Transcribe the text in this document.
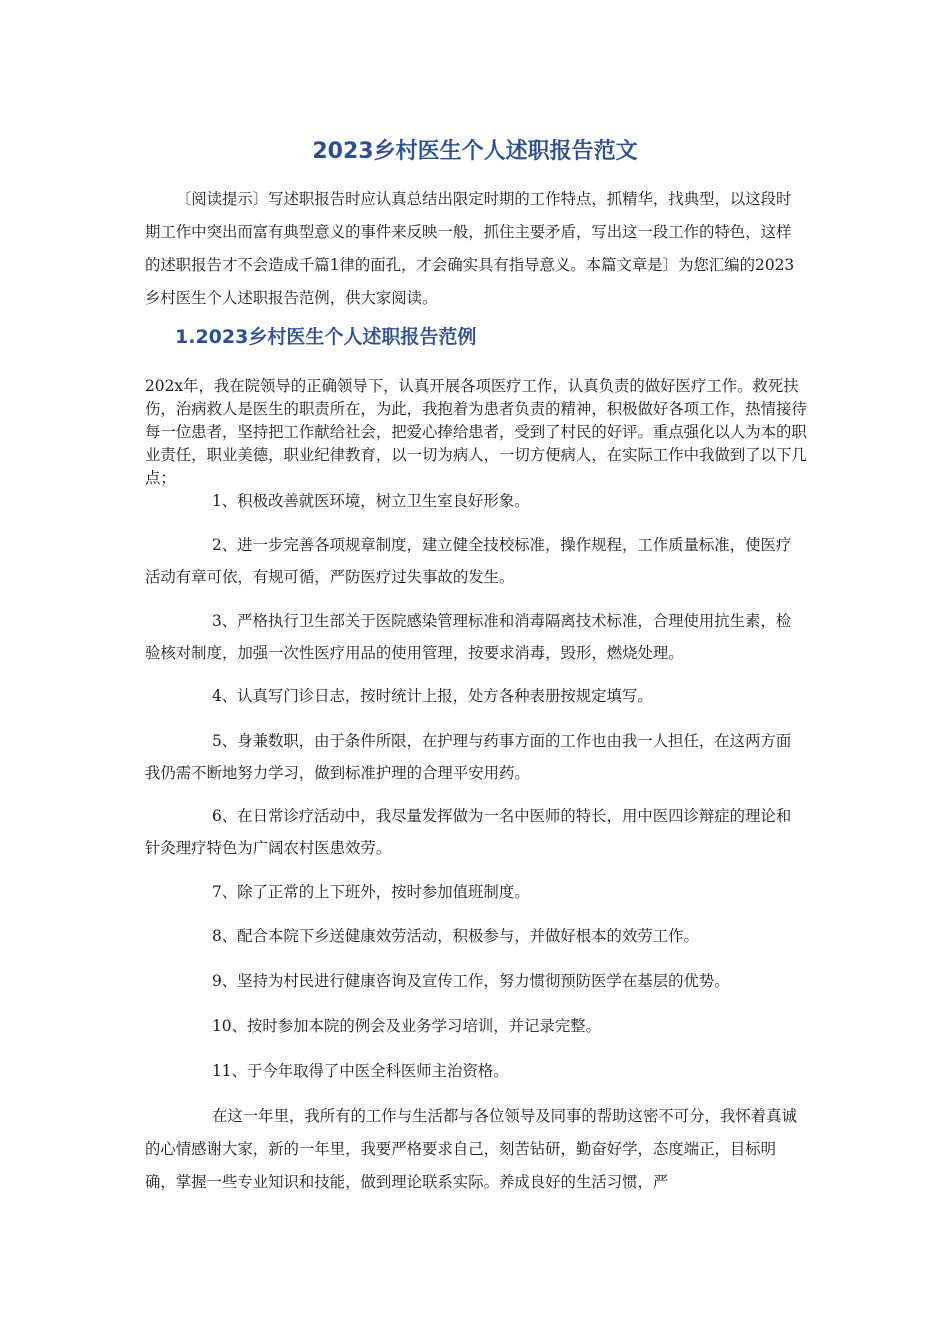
2023乡村医生个人述职报告范文

〔阅读提示〕写述职报告时应认真总结出限定时期的工作特点，抓精华，找典型，以这段时期工作中突出而富有典型意义的事件来反映一般，抓住主要矛盾，写出这一段工作的特色，这样的述职报告才不会造成千篇1律的面孔，才会确实具有指导意义。本篇文章是〕为您汇编的2023乡村医生个人述职报告范例，供大家阅读。

1.2023乡村医生个人述职报告范例

202x年，我在院领导的正确领导下，认真开展各项医疗工作，认真负责的做好医疗工作。救死扶伤，治病救人是医生的职责所在，为此，我抱着为患者负责的精神，积极做好各项工作，热情接待每一位患者，坚持把工作献给社会，把爱心捧给患者，受到了村民的好评。重点强化以人为本的职业责任，职业美德，职业纪律教育，以一切为病人，一切方便病人，在实际工作中我做到了以下几点；

1、积极改善就医环境，树立卫生室良好形象。

2、进一步完善各项规章制度，建立健全技校标准，操作规程，工作质量标准，使医疗活动有章可依，有规可循，严防医疗过失事故的发生。

3、严格执行卫生部关于医院感染管理标准和消毒隔离技术标准，合理使用抗生素，检验核对制度，加强一次性医疗用品的使用管理，按要求消毒，毁形，燃烧处理。

4、认真写门诊日志，按时统计上报，处方各种表册按规定填写。

5、身兼数职，由于条件所限，在护理与药事方面的工作也由我一人担任，在这两方面我仍需不断地努力学习，做到标准护理的合理平安用药。

6、在日常诊疗活动中，我尽量发挥做为一名中医师的特长，用中医四诊辩症的理论和针灸理疗特色为广阔农村医患效劳。

7、除了正常的上下班外，按时参加值班制度。

8、配合本院下乡送健康效劳活动，积极参与，并做好根本的效劳工作。

9、坚持为村民进行健康咨询及宣传工作，努力惯彻预防医学在基层的优势。

10、按时参加本院的例会及业务学习培训，并记录完整。

11、于今年取得了中医全科医师主治资格。

在这一年里，我所有的工作与生活都与各位领导及同事的帮助这密不可分，我怀着真诚的心情感谢大家，新的一年里，我要严格要求自己，刻苦钻研，勤奋好学，态度端正，目标明确，掌握一些专业知识和技能，做到理论联系实际。养成良好的生活习惯，严
